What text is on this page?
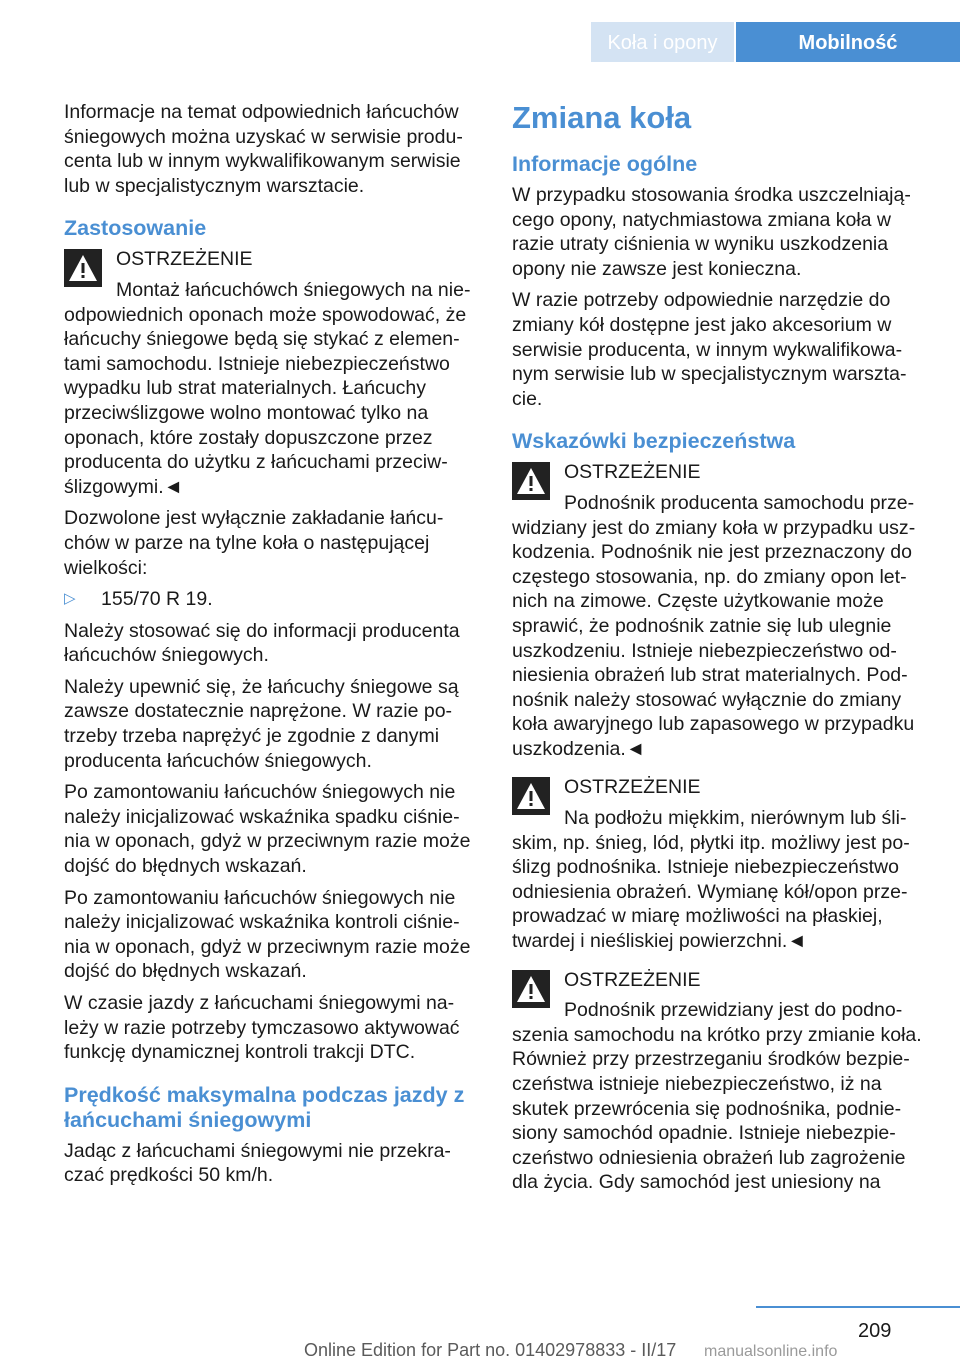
Koła i opony	Mobilność

Informacje na temat odpowiednich łańcuchów śniegowych można uzyskać w serwisie producenta lub w innym wykwalifikowanym serwisie lub w specjalistycznym warsztacie.

Zastosowanie

OSTRZEŻENIE

Montaż łańcuchówch śniegowych na nieodpowiednich oponach może spowodować, że łańcuchy śniegowe będą się stykać z elementami samochodu. Istnieje niebezpieczeństwo wypadku lub strat materialnych. Łańcuchy przeciwślizgowe wolno montować tylko na oponach, które zostały dopuszczone przez producenta do użytku z łańcuchami przeciwślizgowymi.◄

Dozwolone jest wyłącznie zakładanie łańcuchów w parze na tylne koła o następującej wielkości:

▷ 155/70 R 19.

Należy stosować się do informacji producenta łańcuchów śniegowych.

Należy upewnić się, że łańcuchy śniegowe są zawsze dostatecznie naprężone. W razie potrzeby trzeba naprężyć je zgodnie z danymi producenta łańcuchów śniegowych.

Po zamontowaniu łańcuchów śniegowych nie należy inicjalizować wskaźnika spadku ciśnienia w oponach, gdyż w przeciwnym razie może dojść do błędnych wskazań.

Po zamontowaniu łańcuchów śniegowych nie należy inicjalizować wskaźnika kontroli ciśnienia w oponach, gdyż w przeciwnym razie może dojść do błędnych wskazań.

W czasie jazdy z łańcuchami śniegowymi należy w razie potrzeby tymczasowo aktywować funkcję dynamicznej kontroli trakcji DTC.

Prędkość maksymalna podczas jazdy z łańcuchami śniegowymi

Jadąc z łańcuchami śniegowymi nie przekraczać prędkości 50 km/h.

Zmiana koła
Informacje ogólne

W przypadku stosowania środka uszczelniającego opony, natychmiastowa zmiana koła w razie utraty ciśnienia w wyniku uszkodzenia opony nie zawsze jest konieczna.

W razie potrzeby odpowiednie narzędzie do zmiany kół dostępne jest jako akcesorium w serwisie producenta, w innym wykwalifikowanym serwisie lub w specjalistycznym warsztacie.

Wskazówki bezpieczeństwa

OSTRZEŻENIE

Podnośnik producenta samochodu przewidziany jest do zmiany koła w przypadku uszkodzenia. Podnośnik nie jest przeznaczony do częstego stosowania, np. do zmiany opon letnich na zimowe. Częste użytkowanie może sprawić, że podnośnik zatnie się lub ulegnie uszkodzeniu. Istnieje niebezpieczeństwo odniesienia obrażeń lub strat materialnych. Podnośnik należy stosować wyłącznie do zmiany koła awaryjnego lub zapasowego w przypadku uszkodzenia.◄

OSTRZEŻENIE

Na podłożu miękkim, nierównym lub śliskim, np. śnieg, lód, płytki itp. możliwy jest poślizg podnośnika. Istnieje niebezpieczeństwo odniesienia obrażeń. Wymianę kół/opon przeprowadzać w miarę możliwości na płaskiej, twardej i nieśliskiej powierzchni.◄

OSTRZEŻENIE

Podnośnik przewidziany jest do podnoszenia samochodu na krótko przy zmianie koła. Również przy przestrzeganiu środków bezpieczeństwa istnieje niebezpieczeństwo, iż na skutek przewrócenia się podnośnika, podniesiony samochód opadnie. Istnieje niebezpieczeństwo odniesienia obrażeń lub zagrożenie dla życia. Gdy samochód jest uniesiony na

209
Online Edition for Part no. 01402978833 - II/17 manualsonline.info
